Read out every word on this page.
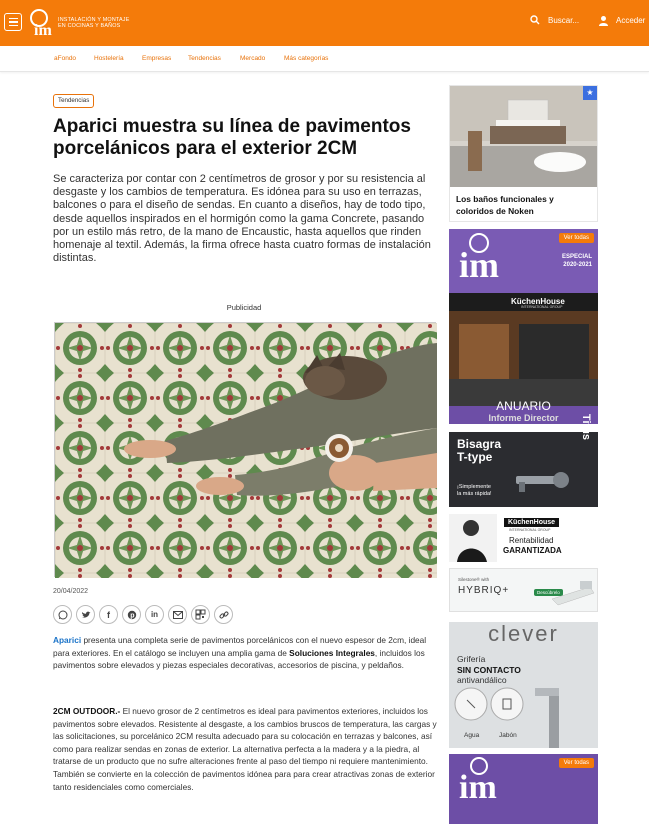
im
INSTALACIÓN Y MONTAJE
EN COCINAS Y BAÑOS
Buscar...	Acceder
aFondo	Hostelería	Empresas	Tendencias	Mercado	Más categorías
Tendencias
Aparici muestra su línea de pavimentos porcelánicos para el exterior 2CM

Se caracteriza por contar con 2 centímetros de grosor y por su resistencia al desgaste y los cambios de temperatura. Es idónea para su uso en terrazas, balcones o para el diseño de sendas. En cuanto a diseños, hay de todo tipo, desde aquellos inspirados en el hormigón como la gama Concrete, pasando por un estilo más retro, de la mano de Encaustic, hasta aquellos que rinden homenaje al textil. Además, la firma ofrece hasta cuatro formas de instalación distintas.

Publicidad
20/04/2022
f	p in

Aparici presenta una completa serie de pavimentos porcelánicos con el nuevo espesor de 2cm, ideal para exteriores. En el catálogo se incluyen una amplia gama de Soluciones Integrales, incluidos los pavimentos sobre elevados y piezas especiales decorativas, accesorios de piscina, y peldaños.

2CM OUTDOOR.- El nuevo grosor de 2 centímetros es ideal para pavimentos exteriores, incluidos los pavimentos sobre elevados. Resistente al desgaste, a los cambios bruscos de temperatura, las cargas y las solicitaciones, su porcelánico 2CM resulta adecuado para su colocación en terrazas y balcones, así como para realizar sendas en zonas de exterior. La alternativa perfecta a la madera y a la piedra, al tratarse de un producto que no sufre alteraciones frente al paso del tiempo ni requiere mantenimiento. También se convierte en la colección de pavimentos idónea para para crear atractivas zonas de exterior tanto residenciales como comerciales.

★
Los baños funcionales y coloridos de Noken
im
Ver todas
ESPECIAL
2020-2021
KüchenHouse
INTERNATIONAL GROUP
ANUARIO
Informe Director
Bisagra
T-type
Titus
¡Simplemente
la más rápida!
KüchenHouse
INTERNATIONAL GROUP
Rentabilidad
GARANTIZADA
Silestone® with
HYBRIQ+	Descúbrelo
clever
Grifería
SIN CONTACTO
antivandálico
Agua	Jabón
im
Ver todas
